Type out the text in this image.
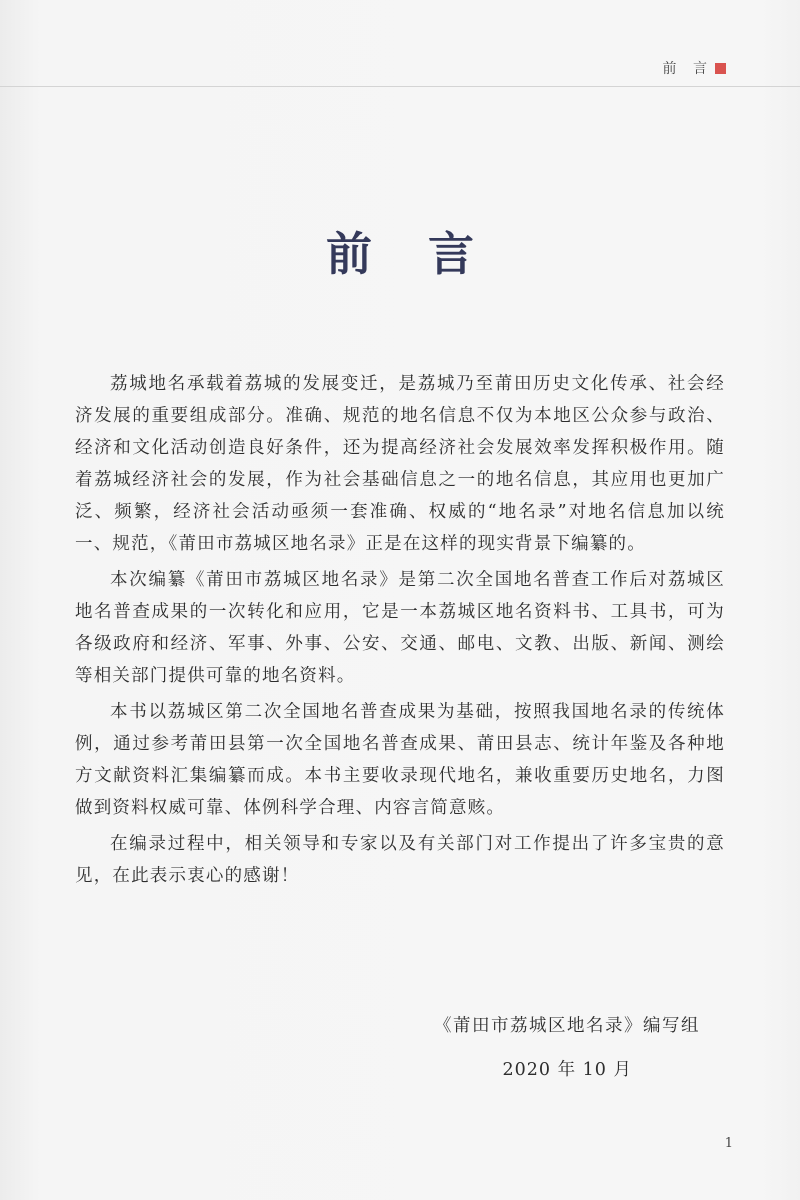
前 言
前言

荔城地名承载着荔城的发展变迁，是荔城乃至莆田历史文化传承、社会经济发展的重要组成部分。准确、规范的地名信息不仅为本地区公众参与政治、经济和文化活动创造良好条件，还为提高经济社会发展效率发挥积极作用。随着荔城经济社会的发展，作为社会基础信息之一的地名信息，其应用也更加广泛、频繁，经济社会活动亟须一套准确、权威的“地名录”对地名信息加以统一、规范，《莆田市荔城区地名录》正是在这样的现实背景下编纂的。

本次编纂《莆田市荔城区地名录》是第二次全国地名普查工作后对荔城区地名普查成果的一次转化和应用，它是一本荔城区地名资料书、工具书，可为各级政府和经济、军事、外事、公安、交通、邮电、文教、出版、新闻、测绘等相关部门提供可靠的地名资料。

本书以荔城区第二次全国地名普查成果为基础，按照我国地名录的传统体例，通过参考莆田县第一次全国地名普查成果、莆田县志、统计年鉴及各种地方文献资料汇集编纂而成。本书主要收录现代地名，兼收重要历史地名，力图做到资料权威可靠、体例科学合理、内容言简意赅。

在编录过程中，相关领导和专家以及有关部门对工作提出了许多宝贵的意见，在此表示衷心的感谢！

《莆田市荔城区地名录》编写组
2020 年 10 月
1
